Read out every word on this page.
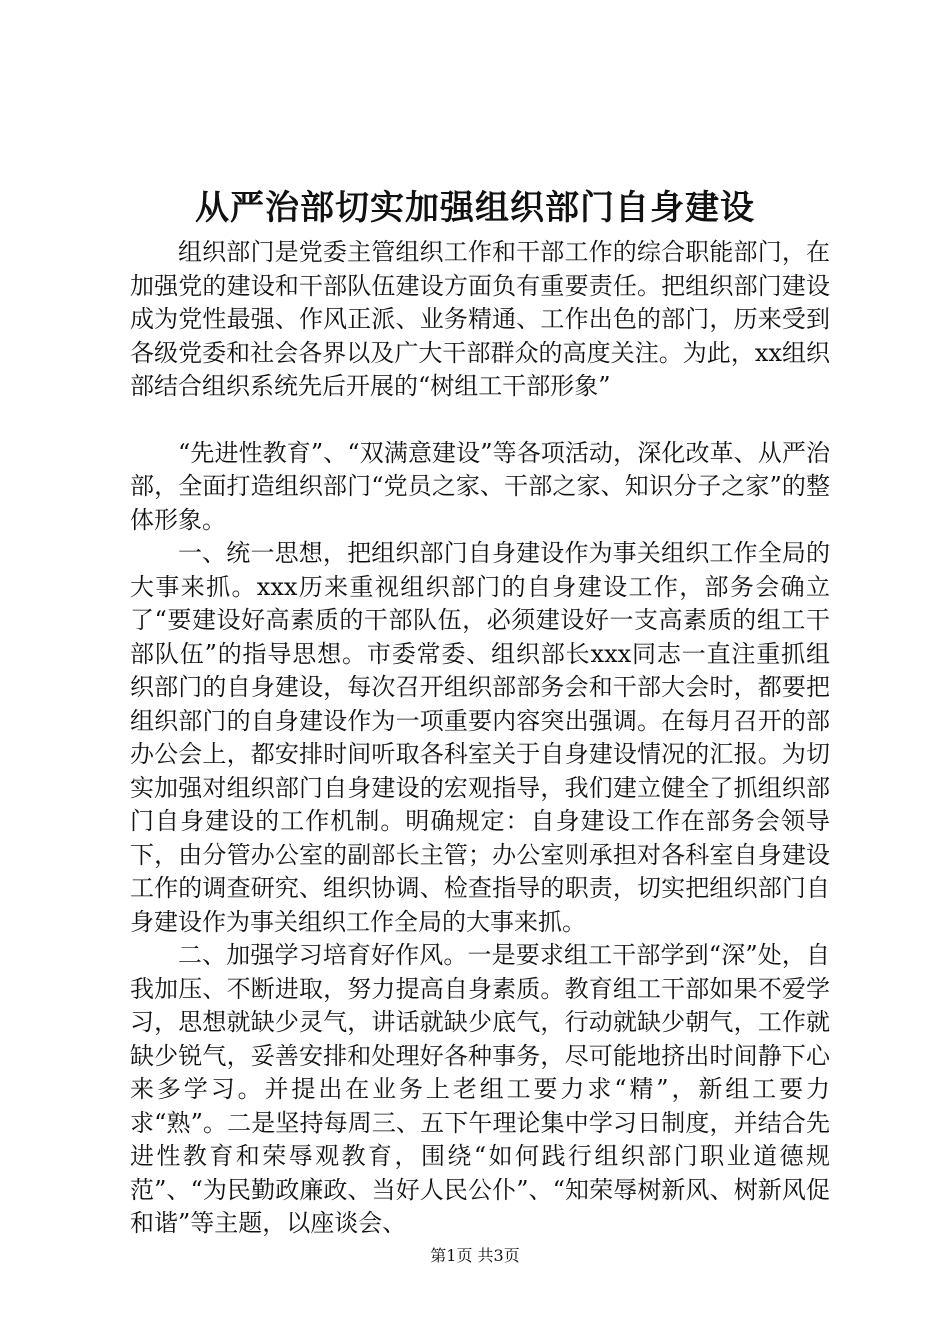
从严治部切实加强组织部门自身建设

组织部门是党委主管组织工作和干部工作的综合职能部门，在加强党的建设和干部队伍建设方面负有重要责任。把组织部门建设成为党性最强、作风正派、业务精通、工作出色的部门，历来受到各级党委和社会各界以及广大干部群众的高度关注。为此，xx组织部结合组织系统先后开展的“树组工干部形象”

“先进性教育”、“双满意建设”等各项活动，深化改革、从严治部，全面打造组织部门“党员之家、干部之家、知识分子之家”的整体形象。

一、统一思想，把组织部门自身建设作为事关组织工作全局的大事来抓。xxx历来重视组织部门的自身建设工作，部务会确立了“要建设好高素质的干部队伍，必须建设好一支高素质的组工干部队伍”的指导思想。市委常委、组织部长xxx同志一直注重抓组织部门的自身建设，每次召开组织部部务会和干部大会时，都要把组织部门的自身建设作为一项重要内容突出强调。在每月召开的部办公会上，都安排时间听取各科室关于自身建设情况的汇报。为切实加强对组织部门自身建设的宏观指导，我们建立健全了抓组织部门自身建设的工作机制。明确规定：自身建设工作在部务会领导下，由分管办公室的副部长主管；办公室则承担对各科室自身建设工作的调查研究、组织协调、检查指导的职责，切实把组织部门自身建设作为事关组织工作全局的大事来抓。

二、加强学习培育好作风。一是要求组工干部学到“深”处，自我加压、不断进取，努力提高自身素质。教育组工干部如果不爱学习，思想就缺少灵气，讲话就缺少底气，行动就缺少朝气，工作就缺少锐气，妥善安排和处理好各种事务，尽可能地挤出时间静下心来多学习。并提出在业务上老组工要力求“精”，新组工要力求“熟”。二是坚持每周三、五下午理论集中学习日制度，并结合先进性教育和荣辱观教育，围绕“如何践行组织部门职业道德规范”、“为民勤政廉政、当好人民公仆”、“知荣辱树新风、树新风促和谐”等主题，以座谈会、

第1页 共3页
